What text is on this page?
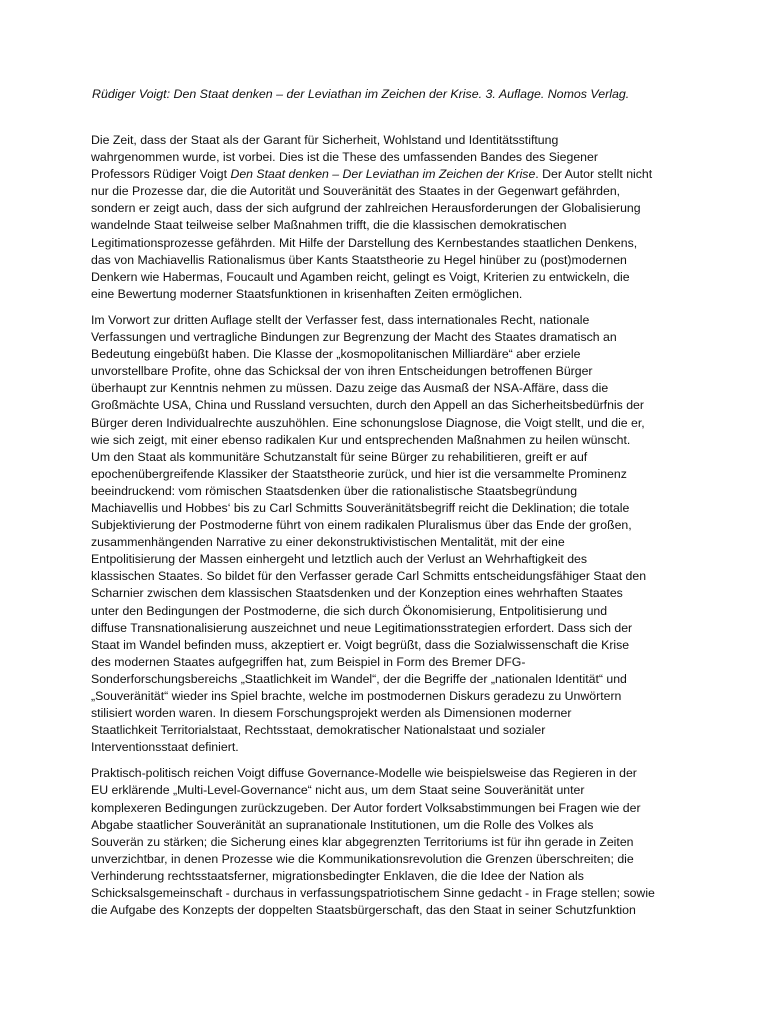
Rüdiger Voigt: Den Staat denken – der Leviathan im Zeichen der Krise. 3. Auflage. Nomos Verlag.

Die Zeit, dass der Staat als der Garant für Sicherheit, Wohlstand und Identitätsstiftung
wahrgenommen wurde, ist vorbei. Dies ist die These des umfassenden Bandes des Siegener
Professors Rüdiger Voigt Den Staat denken – Der Leviathan im Zeichen der Krise. Der Autor stellt nicht
nur die Prozesse dar, die die Autorität und Souveränität des Staates in der Gegenwart gefährden,
sondern er zeigt auch, dass der sich aufgrund der zahlreichen Herausforderungen der Globalisierung
wandelnde Staat teilweise selber Maßnahmen trifft, die die klassischen demokratischen
Legitimationsprozesse gefährden. Mit Hilfe der Darstellung des Kernbestandes staatlichen Denkens,
das von Machiavellis Rationalismus über Kants Staatstheorie zu Hegel hinüber zu (post)modernen
Denkern wie Habermas, Foucault und Agamben reicht, gelingt es Voigt, Kriterien zu entwickeln, die
eine Bewertung moderner Staatsfunktionen in krisenhaften Zeiten ermöglichen.

Im Vorwort zur dritten Auflage stellt der Verfasser fest, dass internationales Recht, nationale
Verfassungen und vertragliche Bindungen zur Begrenzung der Macht des Staates dramatisch an
Bedeutung eingebüßt haben. Die Klasse der „kosmopolitanischen Milliardäre“ aber erziele
unvorstellbare Profite, ohne das Schicksal der von ihren Entscheidungen betroffenen Bürger
überhaupt zur Kenntnis nehmen zu müssen. Dazu zeige das Ausmaß der NSA-Affäre, dass die
Großmächte USA, China und Russland versuchten, durch den Appell an das Sicherheitsbedürfnis der
Bürger deren Individualrechte auszuhöhlen. Eine schonungslose Diagnose, die Voigt stellt, und die er,
wie sich zeigt, mit einer ebenso radikalen Kur und entsprechenden Maßnahmen zu heilen wünscht.
Um den Staat als kommunitäre Schutzanstalt für seine Bürger zu rehabilitieren, greift er auf
epochenübergreifende Klassiker der Staatstheorie zurück, und hier ist die versammelte Prominenz
beeindruckend: vom römischen Staatsdenken über die rationalistische Staatsbegründung
Machiavellis und Hobbes‘ bis zu Carl Schmitts Souveränitätsbegriff reicht die Deklination; die totale
Subjektivierung der Postmoderne führt von einem radikalen Pluralismus über das Ende der großen,
zusammenhängenden Narrative zu einer dekonstruktivistischen Mentalität, mit der eine
Entpolitisierung der Massen einhergeht und letztlich auch der Verlust an Wehrhaftigkeit des
klassischen Staates. So bildet für den Verfasser gerade Carl Schmitts entscheidungsfähiger Staat den
Scharnier zwischen dem klassischen Staatsdenken und der Konzeption eines wehrhaften Staates
unter den Bedingungen der Postmoderne, die sich durch Ökonomisierung, Entpolitisierung und
diffuse Transnationalisierung auszeichnet und neue Legitimationsstrategien erfordert. Dass sich der
Staat im Wandel befinden muss, akzeptiert er. Voigt begrüßt, dass die Sozialwissenschaft die Krise
des modernen Staates aufgegriffen hat, zum Beispiel in Form des Bremer DFG-
Sonderforschungsbereichs „Staatlichkeit im Wandel“, der die Begriffe der „nationalen Identität“ und
„Souveränität“ wieder ins Spiel brachte, welche im postmodernen Diskurs geradezu zu Unwörtern
stilisiert worden waren. In diesem Forschungsprojekt werden als Dimensionen moderner
Staatlichkeit Territorialstaat, Rechtsstaat, demokratischer Nationalstaat und sozialer
Interventionsstaat definiert.

Praktisch-politisch reichen Voigt diffuse Governance-Modelle wie beispielsweise das Regieren in der
EU erklärende „Multi-Level-Governance“ nicht aus, um dem Staat seine Souveränität unter
komplexeren Bedingungen zurückzugeben. Der Autor fordert Volksabstimmungen bei Fragen wie der
Abgabe staatlicher Souveränität an supranationale Institutionen, um die Rolle des Volkes als
Souverän zu stärken; die Sicherung eines klar abgegrenzten Territoriums ist für ihn gerade in Zeiten
unverzichtbar, in denen Prozesse wie die Kommunikationsrevolution die Grenzen überschreiten; die
Verhinderung rechtsstaatsferner, migrationsbedingter Enklaven, die die Idee der Nation als
Schicksalsgemeinschaft - durchaus in verfassungspatriotischem Sinne gedacht - in Frage stellen; sowie
die Aufgabe des Konzepts der doppelten Staatsbürgerschaft, das den Staat in seiner Schutzfunktion
